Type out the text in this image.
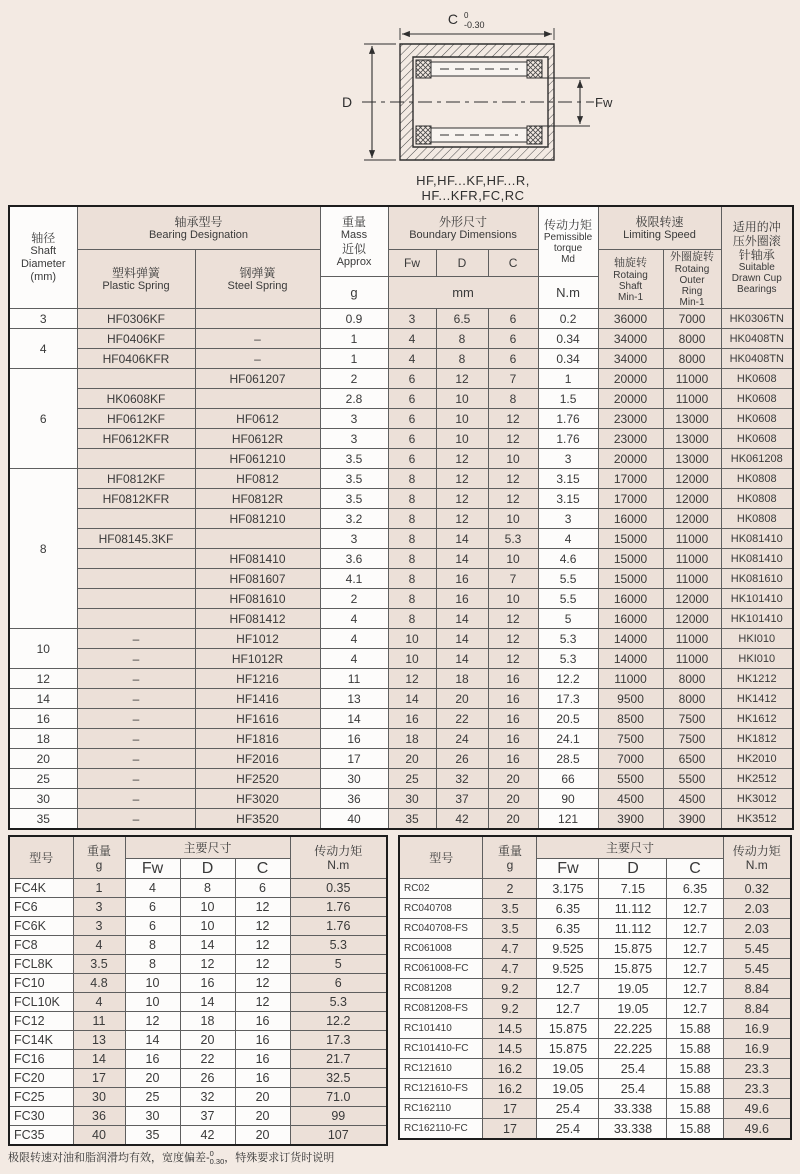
C 0
-0.30
D	Fw
HF,HF...KF,HF...R,
HF...KFR,FC,RC
轴径
Shaft
Diameter
(mm)

轴承型号
Bearing Designation

重量
Mass
近似
Approx

外形尺寸
Boundary Dimensions

传动力矩
Pemissible
torque
Md

极限转速
Limiting Speed

适用的冲
压外圈滚
针轴承
Suitable
Drawn Cup
Bearings

塑料弹簧
Plastic Spring

钢弹簧
Steel Spring
	Fw	D	C	轴旋转
Rotaing
Shaft
Min-1

外圈旋转
Rotaing
Outer
Ring
Min-1

			g	mm			N.m			
3	HF0306KF		0.9	3	6.5	6	0.2	36000	7000	HK0306TN
4	HF0406KF	–	1	4	8	6	0.34	34000	8000	HK0408TN
	HF0406KFR	–	1	4	8	6	0.34	34000	8000	HK0408TN
6		HF061207	2	6	12	7	1	20000	11000	HK0608
	HK0608KF		2.8	6	10	8	1.5	20000	11000	HK0608
	HF0612KF	HF0612	3	6	10	12	1.76	23000	13000	HK0608
	HF0612KFR	HF0612R	3	6	10	12	1.76	23000	13000	HK0608
		HF061210	3.5	6	12	10	3	20000	13000	HK061208
8	HF0812KF	HF0812	3.5	8	12	12	3.15	17000	12000	HK0808
	HF0812KFR	HF0812R	3.5	8	12	12	3.15	17000	12000	HK0808
		HF081210	3.2	8	12	10	3	16000	12000	HK0808
	HF08145.3KF		3	8	14	5.3	4	15000	11000	HK081410
		HF081410	3.6	8	14	10	4.6	15000	11000	HK081410
		HF081607	4.1	8	16	7	5.5	15000	11000	HK081610
		HF081610	2	8	16	10	5.5	16000	12000	HK101410
		HF081412	4	8	14	12	5	16000	12000	HK101410
10	–	HF1012	4	10	14	12	5.3	14000	11000	HKI010
	–	HF1012R	4	10	14	12	5.3	14000	11000	HKI010
12	–	HF1216	11	12	18	16	12.2	11000	8000	HK1212
14	–	HF1416	13	14	20	16	17.3	9500	8000	HK1412
16	–	HF1616	14	16	22	16	20.5	8500	7500	HK1612
18	–	HF1816	16	18	24	16	24.1	7500	7500	HK1812
20	–	HF2016	17	20	26	16	28.5	7000	6500	HK2010
25	–	HF2520	30	25	32	20	66	5500	5500	HK2512
30	–	HF3020	36	30	37	20	90	4500	4500	HK3012
35	–	HF3520	40	35	42	20	121	3900	3900	HK3512
型号	重量
g
	主要尺寸	传动力矩
N.m

		Fw	D	C	
FC4K	1	4	8	6	0.35
FC6	3	6	10	12	1.76
FC6K	3	6	10	12	1.76
FC8	4	8	14	12	5.3
FCL8K	3.5	8	12	12	5
FC10	4.8	10	16	12	6
FCL10K	4	10	14	12	5.3
FC12	11	12	18	16	12.2
FC14K	13	14	20	16	17.3
FC16	14	16	22	16	21.7
FC20	17	20	26	16	32.5
FC25	30	25	32	20	71.0
FC30	36	30	37	20	99
FC35	40	35	42	20	107
型号	重量
g
	主要尺寸	传动力矩
N.m

		Fw	D	C	
RC02	2	3.175	7.15	6.35	0.32
RC040708	3.5	6.35	11.112	12.7	2.03
RC040708-FS	3.5	6.35	11.112	12.7	2.03
RC061008	4.7	9.525	15.875	12.7	5.45
RC061008-FC	4.7	9.525	15.875	12.7	5.45
RC081208	9.2	12.7	19.05	12.7	8.84
RC081208-FS	9.2	12.7	19.05	12.7	8.84
RC101410	14.5	15.875	22.225	15.88	16.9
RC101410-FC	14.5	15.875	22.225	15.88	16.9
RC121610	16.2	19.05	25.4	15.88	23.3
RC121610-FS	16.2	19.05	25.4	15.88	23.3
RC162110	17	25.4	33.338	15.88	49.6
RC162110-FC	17	25.4	33.338	15.88	49.6
极限转速对油和脂润滑均有效，宽度偏差- 0
0.30 ，特殊要求订货时说明
